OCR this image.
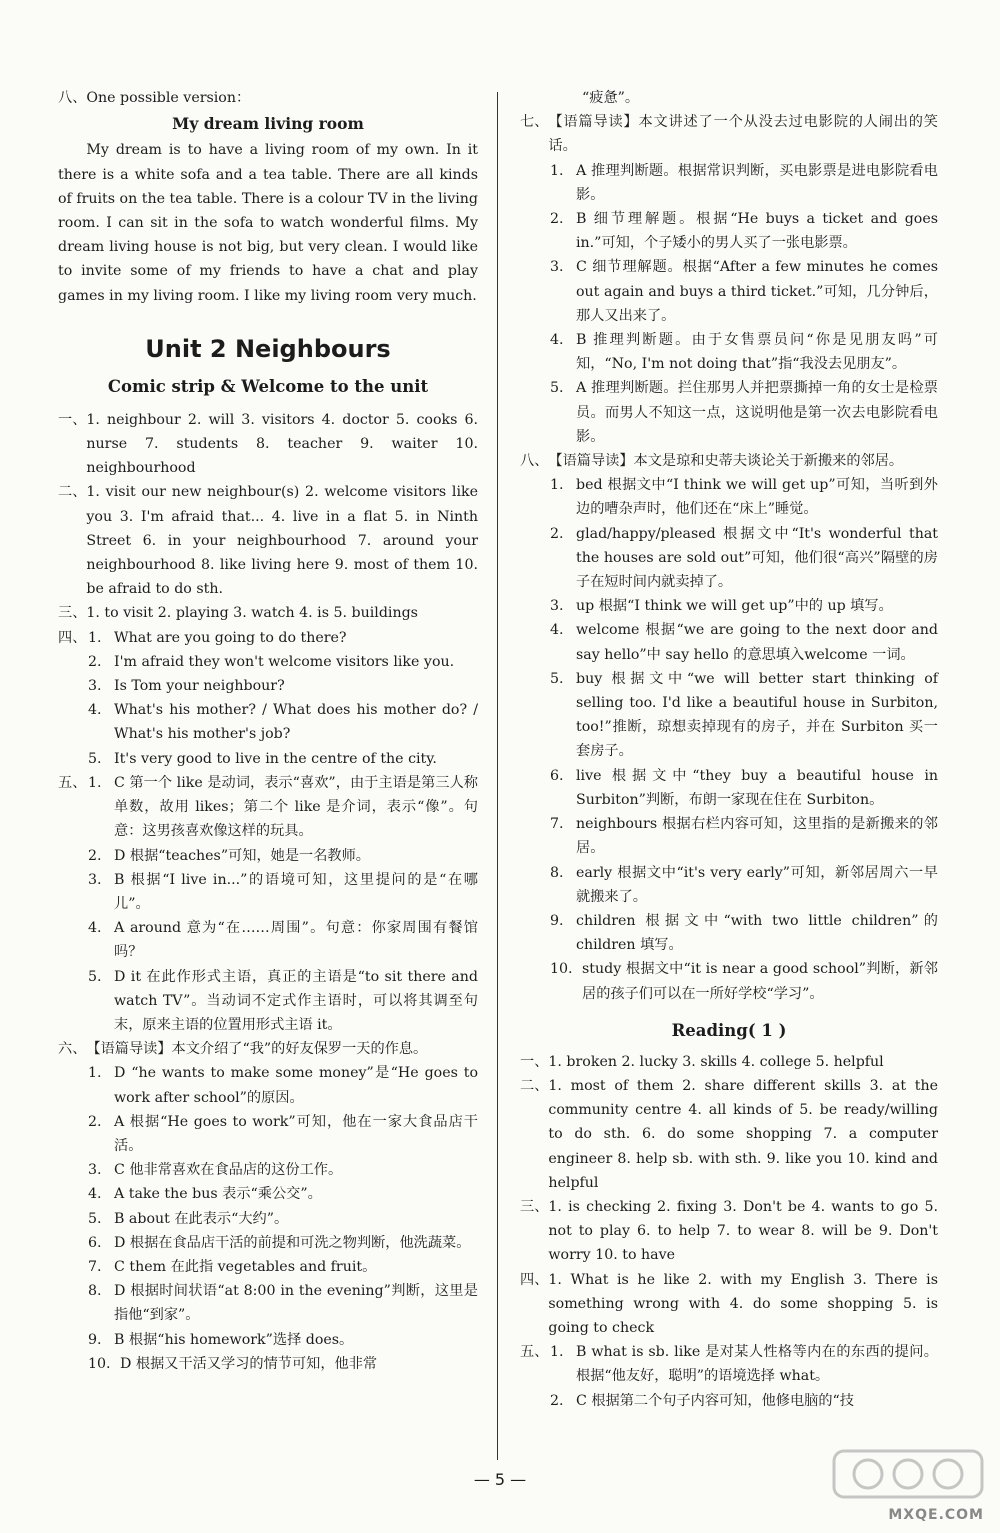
八、One possible version：

My dream living room

My dream is to have a living room of my own. In it there is a white sofa and a tea table. There are all kinds of fruits on the tea table. There is a colour TV in the living room. I can sit in the sofa to watch wonderful films. My dream living house is not big, but very clean. I would like to invite some of my friends to have a chat and play games in my living room. I like my living room very much.

Unit 2 Neighbours
Comic strip & Welcome to the unit
一、 1. neighbour 2. will 3. visitors 4. doctor 5. cooks 6. nurse 7. students 8. teacher 9. waiter 10. neighbourhood
二、 1. visit our new neighbour(s) 2. welcome visitors like you 3. I'm afraid that... 4. live in a flat 5. in Ninth Street 6. in your neighbourhood 7. around your neighbourhood 8. like living here 9. most of them 10. be afraid to do sth.
三、 1. to visit 2. playing 3. watch 4. is 5. buildings

四、 1. What are you going to do there?
2. I'm afraid they won't welcome visitors like you.
3. Is Tom your neighbour?
4. What's his mother? / What does his mother do? / What's his mother's job?
5. It's very good to live in the centre of the city.

五、 1. C 第一个 like 是动词，表示“喜欢”，由于主语是第三人称单数，故用 likes；第二个 like 是介词，表示“像”。句意：这男孩喜欢像这样的玩具。
2. D 根据“teaches”可知，她是一名教师。
3. B 根据“I live in...”的语境可知，这里提问的是“在哪儿”。
4. A around 意为“在……周围”。句意：你家周围有餐馆吗？
5. D it 在此作形式主语，真正的主语是“to sit there and watch TV”。当动词不定式作主语时，可以将其调至句末，原来主语的位置用形式主语 it。
六、 【语篇导读】本文介绍了“我”的好友保罗一天的作息。
1. D “he wants to make some money”是“He goes to work after school”的原因。
2. A 根据“He goes to work”可知，他在一家大食品店干活。
3. C 他非常喜欢在食品店的这份工作。
4. A take the bus 表示“乘公交”。
5. B about 在此表示“大约”。
6. D 根据在食品店干活的前提和可洗之物判断，他洗蔬菜。
7. C them 在此指 vegetables and fruit。
8. D 根据时间状语“at 8:00 in the evening”判断，这里是指他“到家”。
9. B 根据“his homework”选择 does。
10. D 根据又干活又学习的情节可知，他非常

“疲惫”。

七、 【语篇导读】本文讲述了一个从没去过电影院的人闹出的笑话。
1. A 推理判断题。根据常识判断，买电影票是进电影院看电影。
2. B 细节理解题。根据“He buys a ticket and goes in.”可知，个子矮小的男人买了一张电影票。
3. C 细节理解题。根据“After a few minutes he comes out again and buys a third ticket.”可知，几分钟后，那人又出来了。
4. B 推理判断题。由于女售票员问“你是见朋友吗”可知，“No, I'm not doing that”指“我没去见朋友”。
5. A 推理判断题。拦住那男人并把票撕掉一角的女士是检票员。而男人不知这一点，这说明他是第一次去电影院看电影。
八、 【语篇导读】本文是琼和史蒂夫谈论关于新搬来的邻居。
1. bed 根据文中“I think we will get up”可知，当听到外边的嘈杂声时，他们还在“床上”睡觉。
2. glad/happy/pleased 根据文中“It's wonderful that the houses are sold out”可知，他们很“高兴”隔壁的房子在短时间内就卖掉了。
3. up 根据“I think we will get up”中的 up 填写。
4. welcome 根据“we are going to the next door and say hello”中 say hello 的意思填入welcome 一词。
5. buy 根据文中“we will better start thinking of selling too. I'd like a beautiful house in Surbiton, too!”推断，琼想卖掉现有的房子，并在 Surbiton 买一套房子。
6. live 根据文中“they buy a beautiful house in Surbiton”判断，布朗一家现在住在 Surbiton。
7. neighbours 根据右栏内容可知，这里指的是新搬来的邻居。
8. early 根据文中“it's very early”可知，新邻居周六一早就搬来了。
9. children 根据文中“with two little children”的 children 填写。
10. study 根据文中“it is near a good school”判断，新邻居的孩子们可以在一所好学校“学习”。
Reading( 1 )
一、 1. broken 2. lucky 3. skills 4. college 5. helpful
二、 1. most of them 2. share different skills 3. at the community centre 4. all kinds of 5. be ready/willing to do sth. 6. do some shopping 7. a computer engineer 8. help sb. with sth. 9. like you 10. kind and helpful
三、 1. is checking 2. fixing 3. Don't be 4. wants to go 5. not to play 6. to help 7. to wear 8. will be 9. Don't worry 10. to have
四、 1. What is he like 2. with my English 3. There is something wrong with 4. do some shopping 5. is going to check

五、 1. B what is sb. like 是对某人性格等内在的东西的提问。根据“他友好，聪明”的语境选择 what。
2. C 根据第二个句子内容可知，他修电脑的“技
— 5 —
MXQE.COM
